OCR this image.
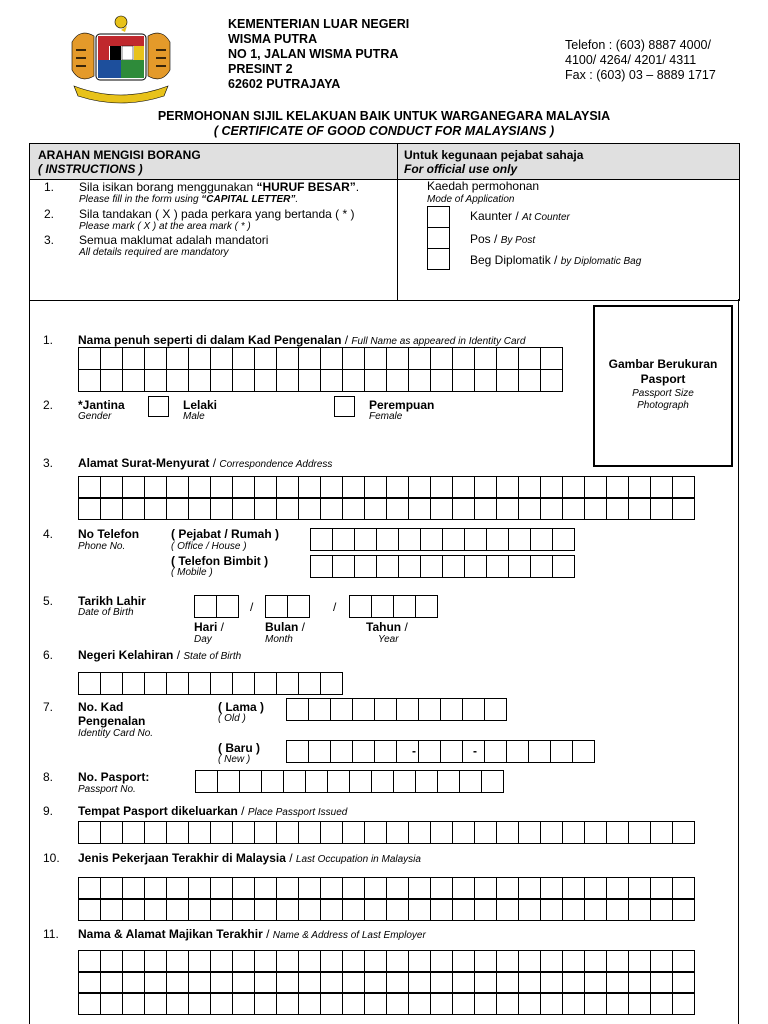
KEMENTERIAN LUAR NEGERI
WISMA PUTRA
NO 1, JALAN WISMA PUTRA
PRESINT 2
62602 PUTRAJAYA
Telefon : (603) 8887 4000/
4100/ 4264/ 4201/ 4311
Fax : (603) 03 – 8889 1717
PERMOHONAN SIJIL KELAKUAN BAIK UNTUK WARGANEGARA MALAYSIA
( CERTIFICATE OF GOOD CONDUCT FOR MALAYSIANS )
ARAHAN MENGISI BORANG
( INSTRUCTIONS )
Untuk kegunaan pejabat sahaja
For official use only
1. Sila isikan borang menggunakan “HURUF BESAR”.
Please fill in the form using “CAPITAL LETTER”.
2. Sila tandakan ( X ) pada perkara yang bertanda ( * )
Please mark ( X ) at the area mark ( * )
3. Semua maklumat adalah mandatori
All details required are mandatory
Kaedah permohonan
Mode of Application
Kaunter / At Counter
Pos / By Post
Beg Diplomatik / by Diplomatic Bag
Gambar Berukuran Pasport
Passport Size Photograph
1. Nama penuh seperti di dalam Kad Pengenalan / Full Name as appeared in Identity Card
2. *Jantina
Gender
Lelaki
Male
Perempuan
Female
3. Alamat Surat-Menyurat / Correspondence Address
4. No Telefon
Phone No.
( Pejabat / Rumah )
( Office / House )
( Telefon Bimbit )
( Mobile )
5. Tarikh Lahir
Date of Birth	/	/
Hari /
Day
Bulan /
Month
Tahun /
Year
6. Negeri Kelahiran / State of Birth
7. No. Kad
Pengenalan
Identity Card No.
( Lama )
( Old )
( Baru )
( New )
-	-
8. No. Pasport:
Passport No.
9. Tempat Pasport dikeluarkan / Place Passport Issued
10. Jenis Pekerjaan Terakhir di Malaysia / Last Occupation in Malaysia
11. Nama & Alamat Majikan Terakhir / Name & Address of Last Employer
